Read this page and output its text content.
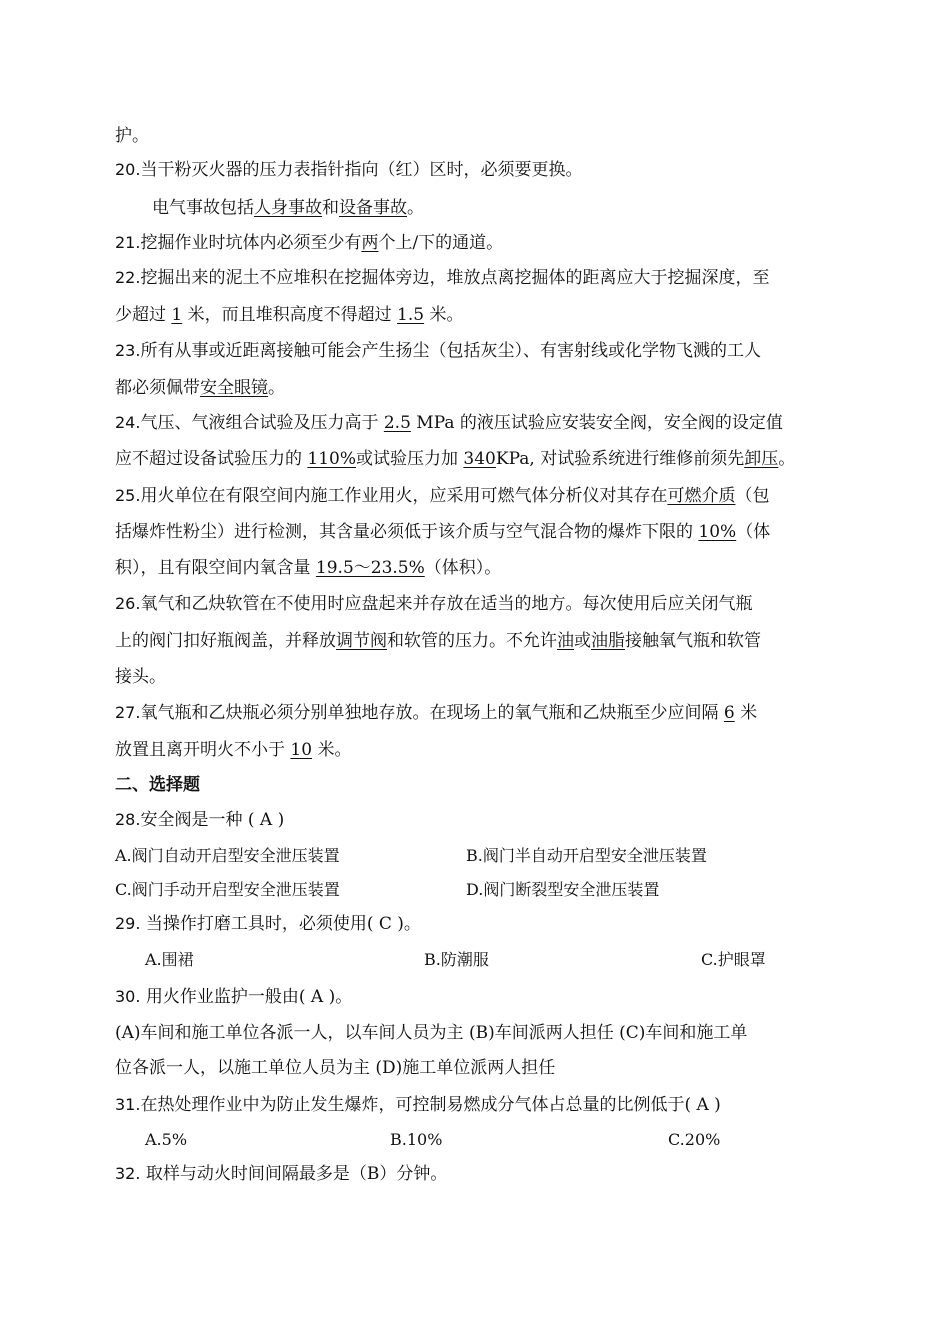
护。
20.当干粉灭火器的压力表指针指向（红）区时，必须要更换。
电气事故包括人身事故和设备事故。
21.挖掘作业时坑体内必须至少有两个上/下的通道。
22.挖掘出来的泥土不应堆积在挖掘体旁边，堆放点离挖掘体的距离应大于挖掘深度，至
少超过 1 米，而且堆积高度不得超过 1.5 米。
23.所有从事或近距离接触可能会产生扬尘（包括灰尘）、有害射线或化学物飞溅的工人
都必须佩带安全眼镜。
24.气压、气液组合试验及压力高于 2.5 MPa 的液压试验应安装安全阀，安全阀的设定值
应不超过设备试验压力的 110%或试验压力加 340KPa, 对试验系统进行维修前须先卸压。
25.用火单位在有限空间内施工作业用火，应采用可燃气体分析仪对其存在可燃介质（包
括爆炸性粉尘）进行检测，其含量必须低于该介质与空气混合物的爆炸下限的 10%（体
积），且有限空间内氧含量 19.5～23.5%（体积）。
26.氧气和乙炔软管在不使用时应盘起来并存放在适当的地方。每次使用后应关闭气瓶
上的阀门扣好瓶阀盖，并释放调节阀和软管的压力。不允许油或油脂接触氧气瓶和软管
接头。
27.氧气瓶和乙炔瓶必须分别单独地存放。在现场上的氧气瓶和乙炔瓶至少应间隔 6 米
放置且离开明火不小于 10 米。
二、选择题
28.安全阀是一种 ( A )
A.阀门自动开启型安全泄压装置	B.阀门半自动开启型安全泄压装置
C.阀门手动开启型安全泄压装置	D.阀门断裂型安全泄压装置
29. 当操作打磨工具时，必须使用( C )。
A.围裙	B.防潮服	C.护眼罩
30. 用火作业监护一般由( A )。
(A)车间和施工单位各派一人，以车间人员为主 (B)车间派两人担任 (C)车间和施工单
位各派一人，以施工单位人员为主 (D)施工单位派两人担任
31.在热处理作业中为防止发生爆炸，可控制易燃成分气体占总量的比例低于( A )
A.5%	B.10%	C.20%
32. 取样与动火时间间隔最多是（B）分钟。
